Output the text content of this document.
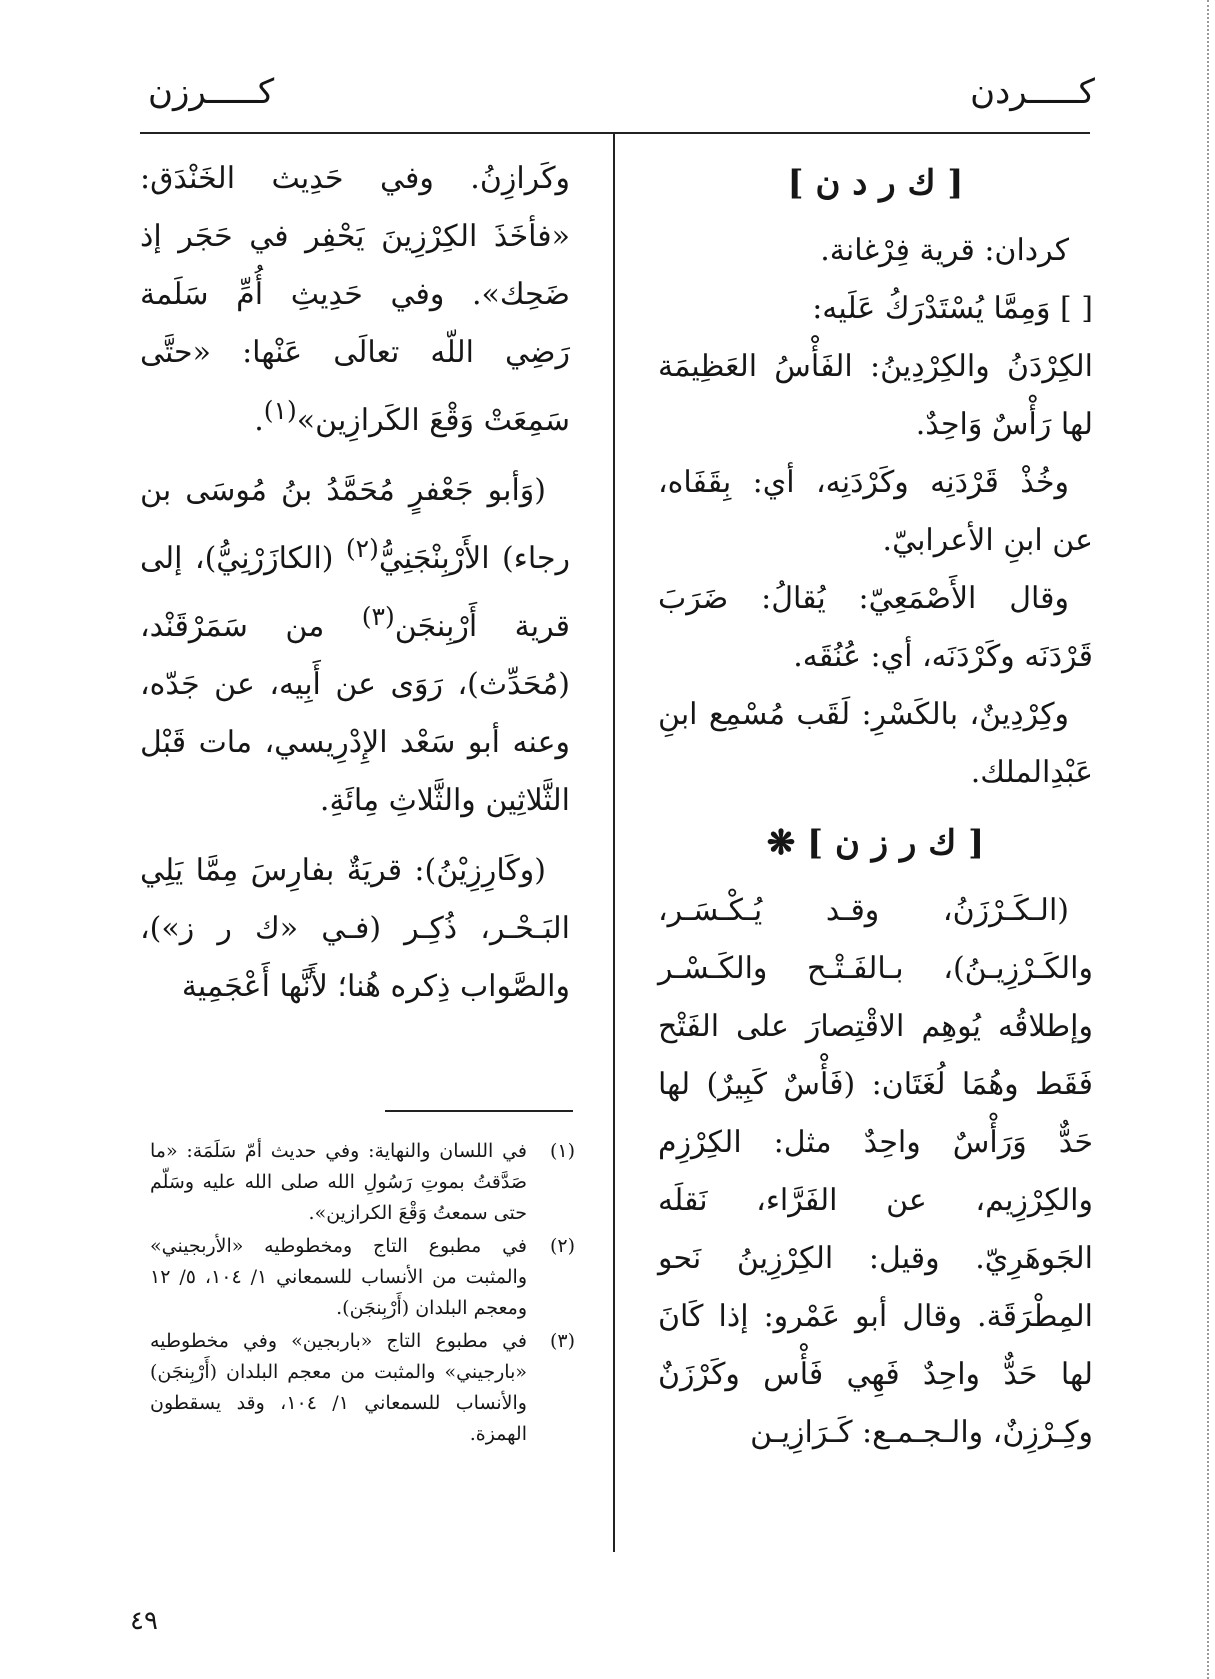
كـــــردن
كـــــرزن

[ ك ر د ن ]

كردان: قرية فِرْغانة.

[ ] وَمِمَّا يُسْتَدْرَكُ عَلَيه:

الكِرْدَنُ والكِرْدِينُ: الفَأْسُ العَظِيمَة لها رَأْسٌ وَاحِدٌ.

وخُذْ قَرْدَنِه وكَرْدَنِه، أي: بِقَفَاه، عن ابنِ الأعرابيّ.

وقال الأَصْمَعِيّ: يُقالُ: ضَرَبَ قَرْدَنَه وكَرْدَنَه، أي: عُنُقَه.

وكِرْدِينٌ، بالكَسْرِ: لَقَب مُسْمِع ابنِ عَبْدِالملك.

[ ك ر ز ن ] ❋

(الـكَـرْزَنُ، وقـد يُـكْـسَـر، والكَـرْزِيـنُ)، بـالفَـتْـح والكَـسْـر وإطلاقُه يُوهِم الاقْتِصارَ على الفَتْح فَقَط وهُمَا لُغَتَان: (فَأْسٌ كَبِيرٌ) لها حَدٌّ وَرَأْسٌ واحِدٌ مثل: الكِرْزِم والكِرْزِيم، عن الفَرَّاء، نَقلَه الجَوهَرِيّ. وقيل: الكِرْزِينُ نَحو المِطْرَقَة. وقال أبو عَمْرو: إذا كَانَ لها حَدٌّ واحِدٌ فَهِي فَأْس وكَرْزَنٌ وكِـرْزِنٌ، والـجـمـع: كَـرَازِيـن

وكَرازِنُ. وفي حَدِيث الخَنْدَق: «فأخَذَ الكِرْزِينَ يَحْفِر في حَجَر إذ ضَحِك». وفي حَدِيثِ أُمِّ سَلَمة رَضِي اللّه تعالَى عَنْها: «حتَّى سَمِعَتْ وَقْعَ الكَرازِين»$^{(١)}$.

(وَأبو جَعْفرٍ مُحَمَّدُ بنُ مُوسَى بن رجاء) الأَرْبِنْجَنِيُّ$^{(٢)}$ (الكازَرْنِيُّ)، إلى قرية أَرْبِنجَن$^{(٣)}$ من سَمَرْقَنْد، (مُحَدِّث)، رَوَى عن أَبِيه، عن جَدّه، وعنه أبو سَعْد الإِدْرِيسي، مات قَبْل الثَّلاثِين والثَّلاثِ مِائَةِ.

(وكَارِزِيْنُ): قريَةٌ بفارِسَ مِمَّا يَلِي البَـحْـر، ذُكِـر (فـي «ك ر ز»)، والصَّواب ذِكره هُنا؛ لأَنَّها أَعْجَمِية

(١)
في اللسان والنهاية: وفي حديث أمّ سَلَمَة: «ما صَدَّقتُ بموتِ رَسُولِ الله صلى الله عليه وسَلّم حتى سمعتُ وَقْعَ الكرازين».

(٢)
في مطبوع التاج ومخطوطيه «الأربجيني» والمثبت من الأنساب للسمعاني ١/ ١٠٤، ٥/ ١٢ ومعجم البلدان (أَرْبِنجَن).

(٣)
في مطبوع التاج «باربجين» وفي مخطوطيه «بارجيني» والمثبت من معجم البلدان (أَرْبِنجَن) والأنساب للسمعاني ١/ ١٠٤، وقد يسقطون الهمزة.

٤٩
